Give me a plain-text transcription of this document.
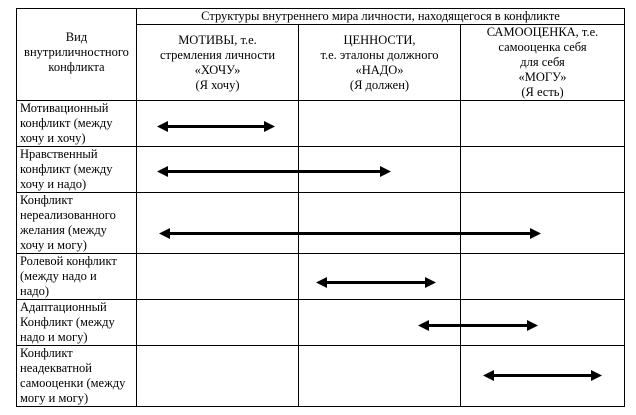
Вид
внутриличностного
конфликта
Структуры внутреннего мира личности, находящегося в конфликте
МОТИВЫ, т.е.
стремления личности
«ХОЧУ»
(Я хочу)
ЦЕННОСТИ,
т.е. эталоны должного
«НАДО»
(Я должен)
САМООЦЕНКА, т.е.
самооценка себя
для себя
«МОГУ»
(Я есть)
Мотивационный
конфликт (между
хочу и хочу)
Нравственный
конфликт (между
хочу и надо)
Конфликт
нереализованного
желания (между
хочу и могу)
Ролевой конфликт
(между надо и
надо)
Адаптационный
Конфликт (между
надо и могу)
Конфликт
неадекватной
самооценки (между
могу и могу)
